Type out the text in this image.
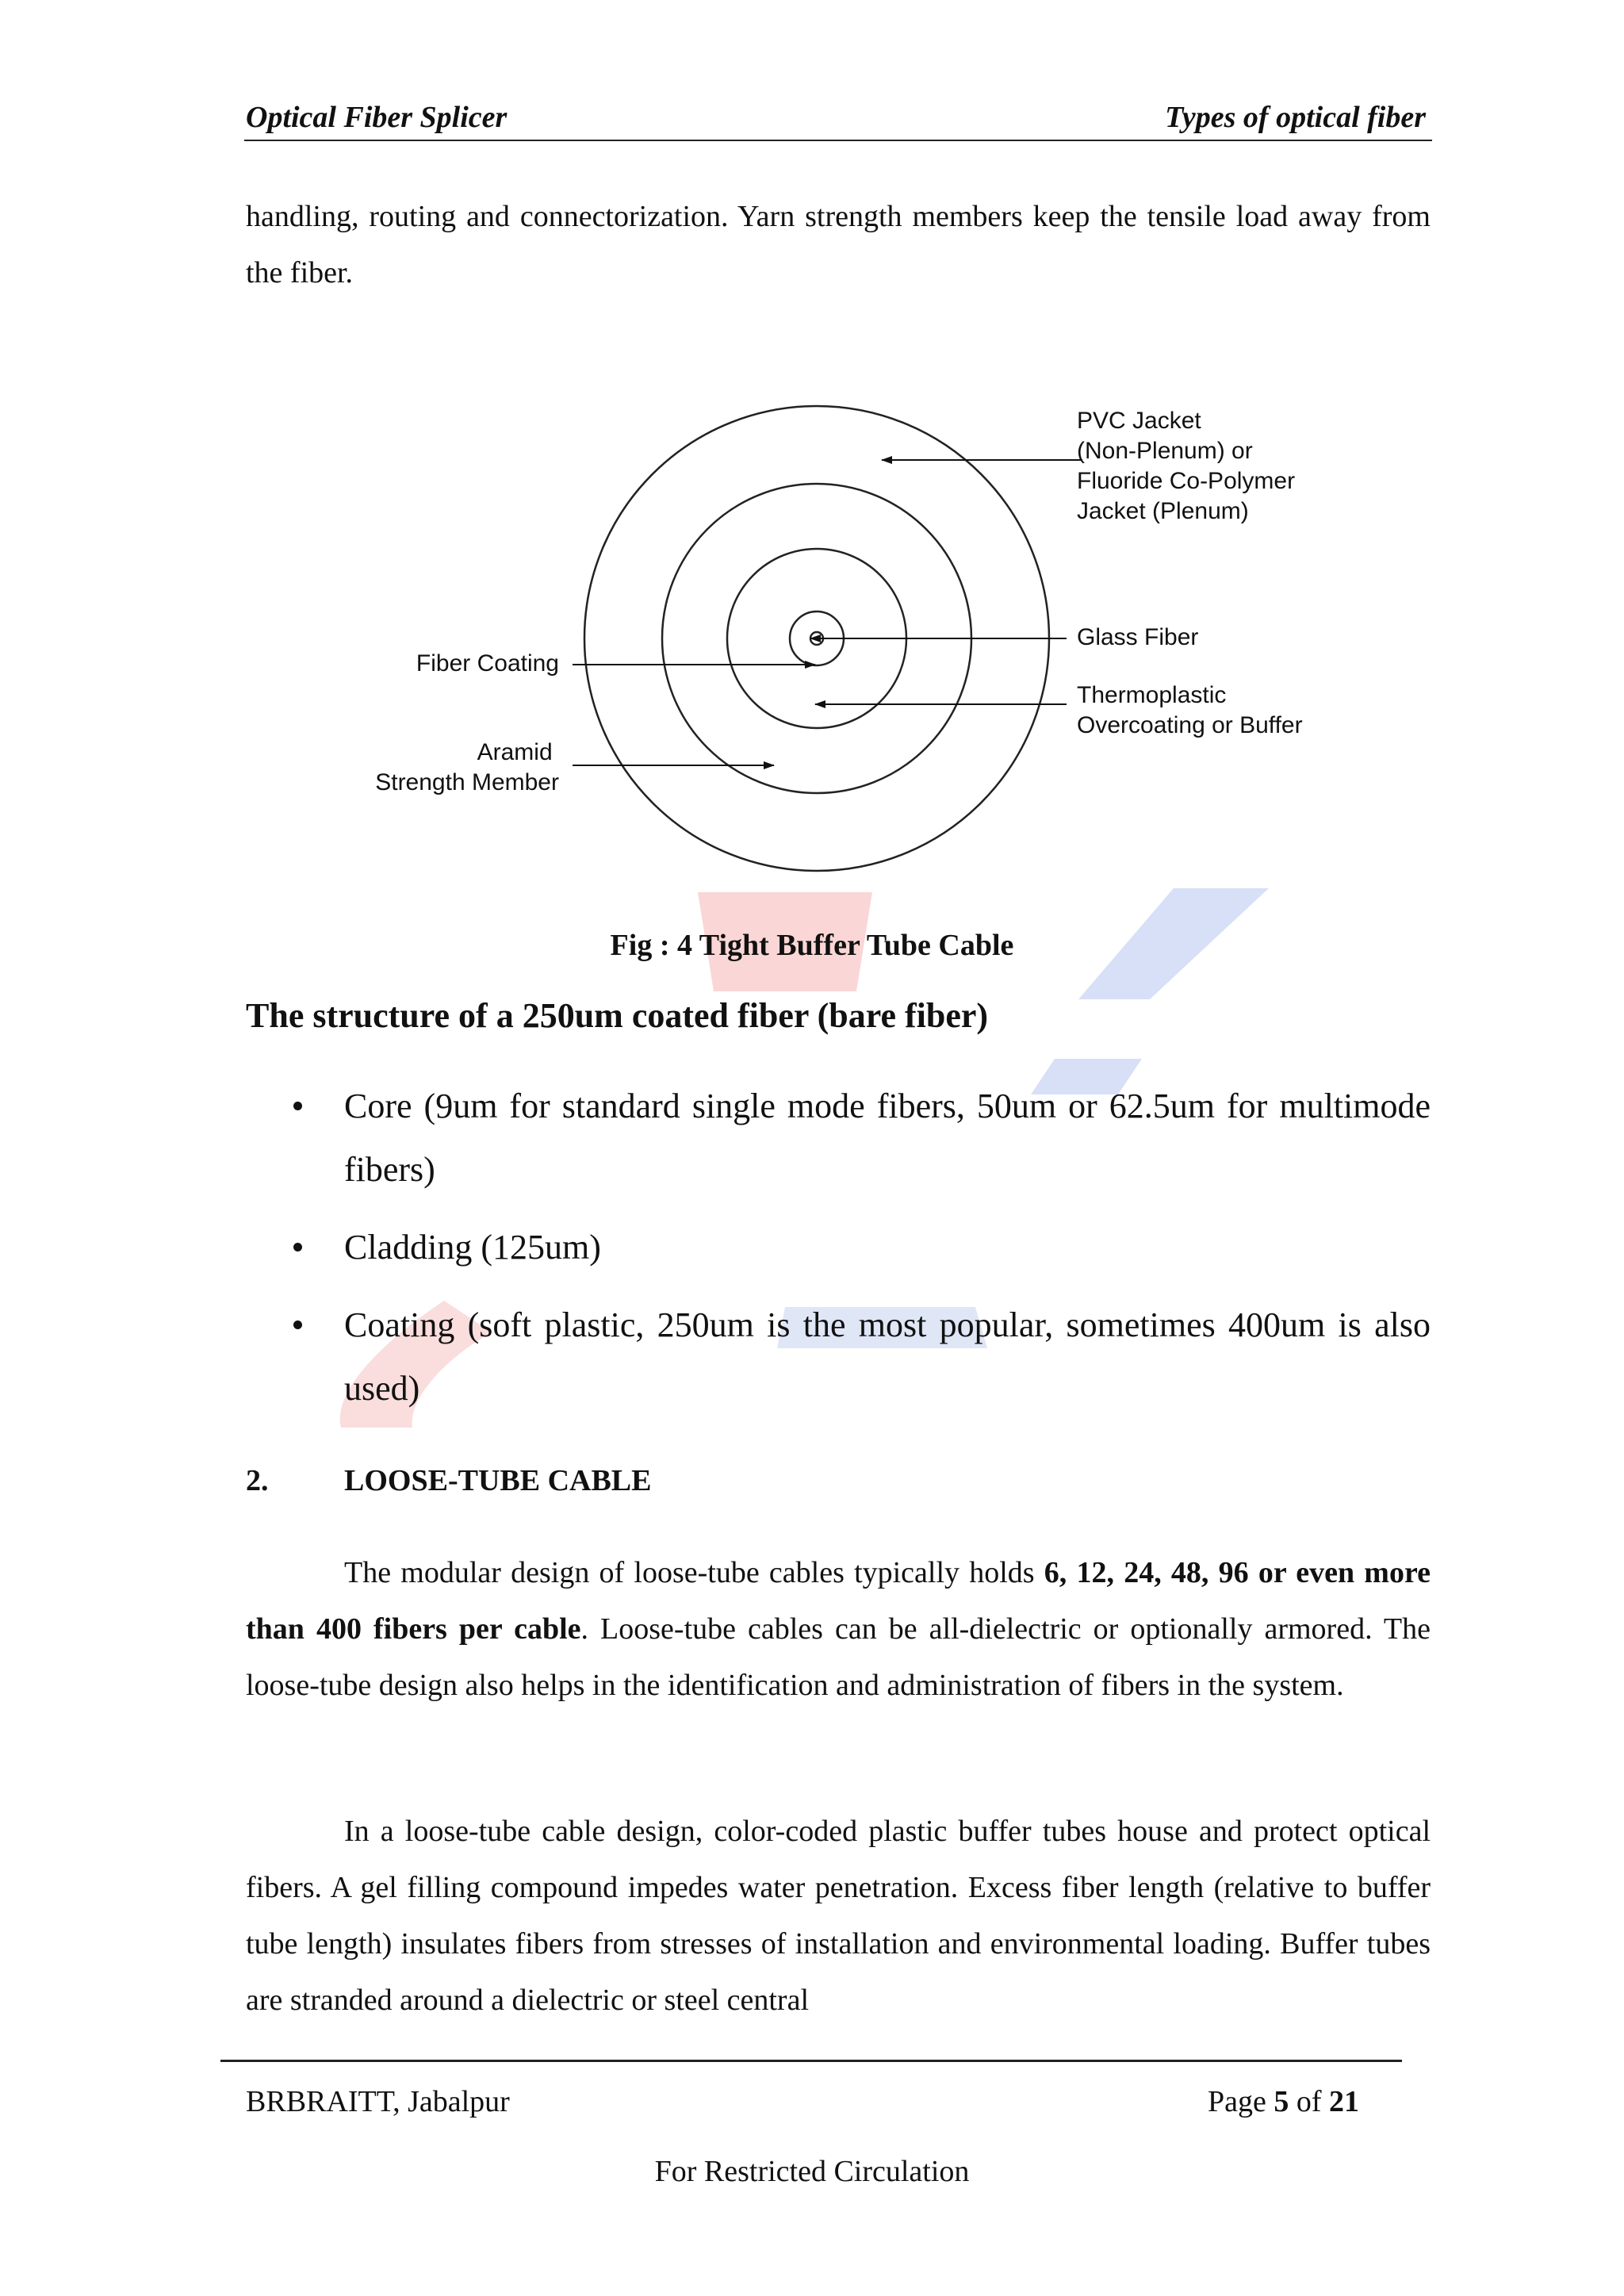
Optical Fiber Splicer	Types of optical fiber

handling, routing and connectorization. Yarn strength members keep the tensile load away from the fiber.

PVC Jacket (Non-Plenum) or Fluoride Co-Polymer Jacket (Plenum)
Glass Fiber
Thermoplastic Overcoating or Buffer
Fiber Coating
Aramid Strength Member
Fig : 4 Tight Buffer Tube Cable
The structure of a 250um coated fiber (bare fiber)
Core (9um for standard single mode fibers, 50um or 62.5um for multimode fibers)
Cladding (125um)
Coating (soft plastic, 250um is the most popular, sometimes 400um is also used)
2.	LOOSE-TUBE CABLE

The modular design of loose-tube cables typically holds 6, 12, 24, 48, 96 or even more than 400 fibers per cable. Loose-tube cables can be all-dielectric or optionally armored. The loose-tube design also helps in the identification and administration of fibers in the system.

In a loose-tube cable design, color-coded plastic buffer tubes house and protect optical fibers. A gel filling compound impedes water penetration. Excess fiber length (relative to buffer tube length) insulates fibers from stresses of installation and environmental loading. Buffer tubes are stranded around a dielectric or steel central

BRBRAITT, Jabalpur	Page 5 of 21
For Restricted Circulation
